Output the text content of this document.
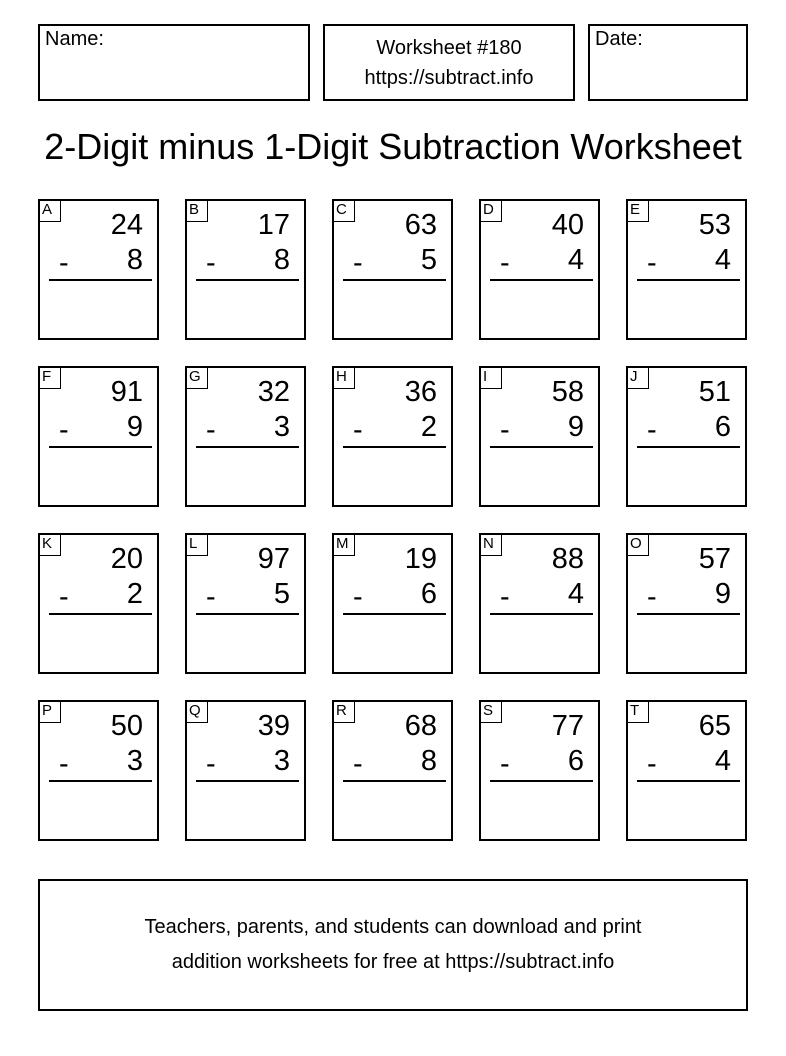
Name:	Worksheet #180
https://subtract.info
Date:
2-Digit minus 1-Digit Subtraction Worksheet
A	24
- 8
B	17
- 8
C 63
- 5
D 40
- 4
E	53
- 4
F	91
- 9
G 32
- 3
H 36
- 2
I	58
- 9
J	51
- 6
K	20
- 2
L	97
- 5
M 19
- 6
N 88
- 4
O 57
- 9
P	50
- 3
Q 39
- 3
R 68
- 8
S	77
- 6
T	65
- 4
Teachers, parents, and students can download and print
addition worksheets for free at https://subtract.info
